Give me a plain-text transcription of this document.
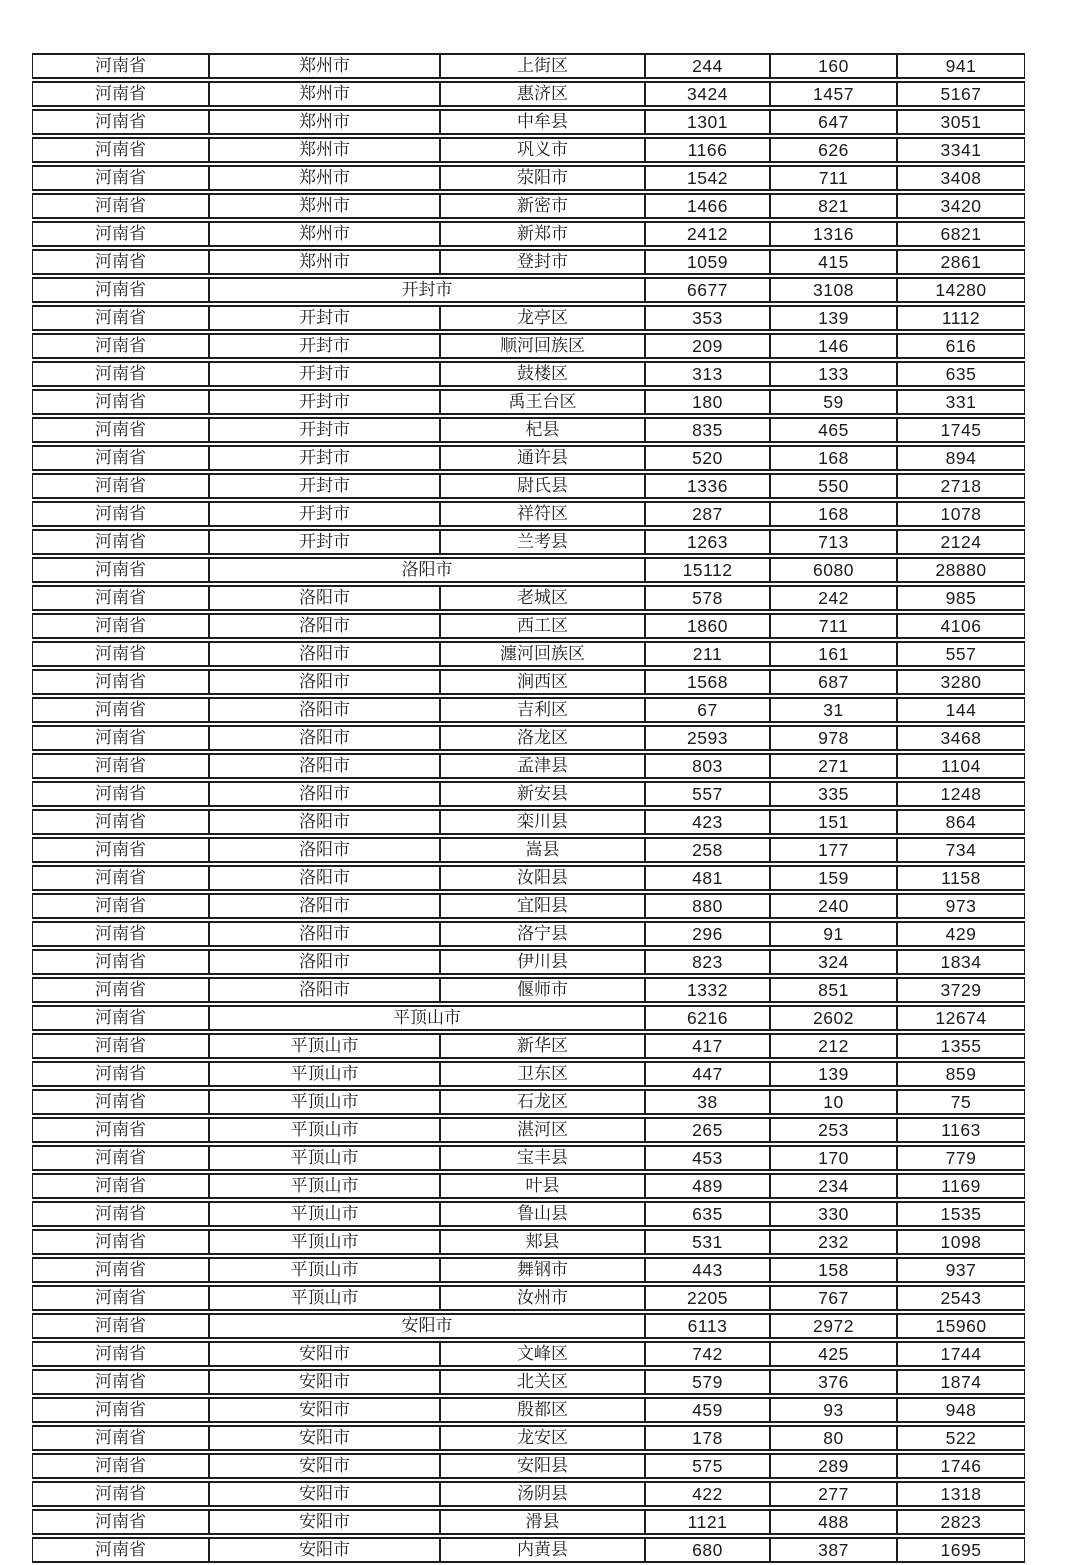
河南省	郑州市	上街区	244	160	941
河南省	郑州市	惠济区	3424	1457	5167
河南省	郑州市	中牟县	1301	647	3051
河南省	郑州市	巩义市	1166	626	3341
河南省	郑州市	荥阳市	1542	711	3408
河南省	郑州市	新密市	1466	821	3420
河南省	郑州市	新郑市	2412	1316	6821
河南省	郑州市	登封市	1059	415	2861
河南省	开封市		6677	3108	14280
河南省	开封市	龙亭区	353	139	1112
河南省	开封市	顺河回族区	209	146	616
河南省	开封市	鼓楼区	313	133	635
河南省	开封市	禹王台区	180	59	331
河南省	开封市	杞县	835	465	1745
河南省	开封市	通许县	520	168	894
河南省	开封市	尉氏县	1336	550	2718
河南省	开封市	祥符区	287	168	1078
河南省	开封市	兰考县	1263	713	2124
河南省	洛阳市		15112	6080	28880
河南省	洛阳市	老城区	578	242	985
河南省	洛阳市	西工区	1860	711	4106
河南省	洛阳市	瀍河回族区	211	161	557
河南省	洛阳市	涧西区	1568	687	3280
河南省	洛阳市	吉利区	67	31	144
河南省	洛阳市	洛龙区	2593	978	3468
河南省	洛阳市	孟津县	803	271	1104
河南省	洛阳市	新安县	557	335	1248
河南省	洛阳市	栾川县	423	151	864
河南省	洛阳市	嵩县	258	177	734
河南省	洛阳市	汝阳县	481	159	1158
河南省	洛阳市	宜阳县	880	240	973
河南省	洛阳市	洛宁县	296	91	429
河南省	洛阳市	伊川县	823	324	1834
河南省	洛阳市	偃师市	1332	851	3729
河南省	平顶山市		6216	2602	12674
河南省	平顶山市	新华区	417	212	1355
河南省	平顶山市	卫东区	447	139	859
河南省	平顶山市	石龙区	38	10	75
河南省	平顶山市	湛河区	265	253	1163
河南省	平顶山市	宝丰县	453	170	779
河南省	平顶山市	叶县	489	234	1169
河南省	平顶山市	鲁山县	635	330	1535
河南省	平顶山市	郏县	531	232	1098
河南省	平顶山市	舞钢市	443	158	937
河南省	平顶山市	汝州市	2205	767	2543
河南省	安阳市		6113	2972	15960
河南省	安阳市	文峰区	742	425	1744
河南省	安阳市	北关区	579	376	1874
河南省	安阳市	殷都区	459	93	948
河南省	安阳市	龙安区	178	80	522
河南省	安阳市	安阳县	575	289	1746
河南省	安阳市	汤阴县	422	277	1318
河南省	安阳市	滑县	1121	488	2823
河南省	安阳市	内黄县	680	387	1695
